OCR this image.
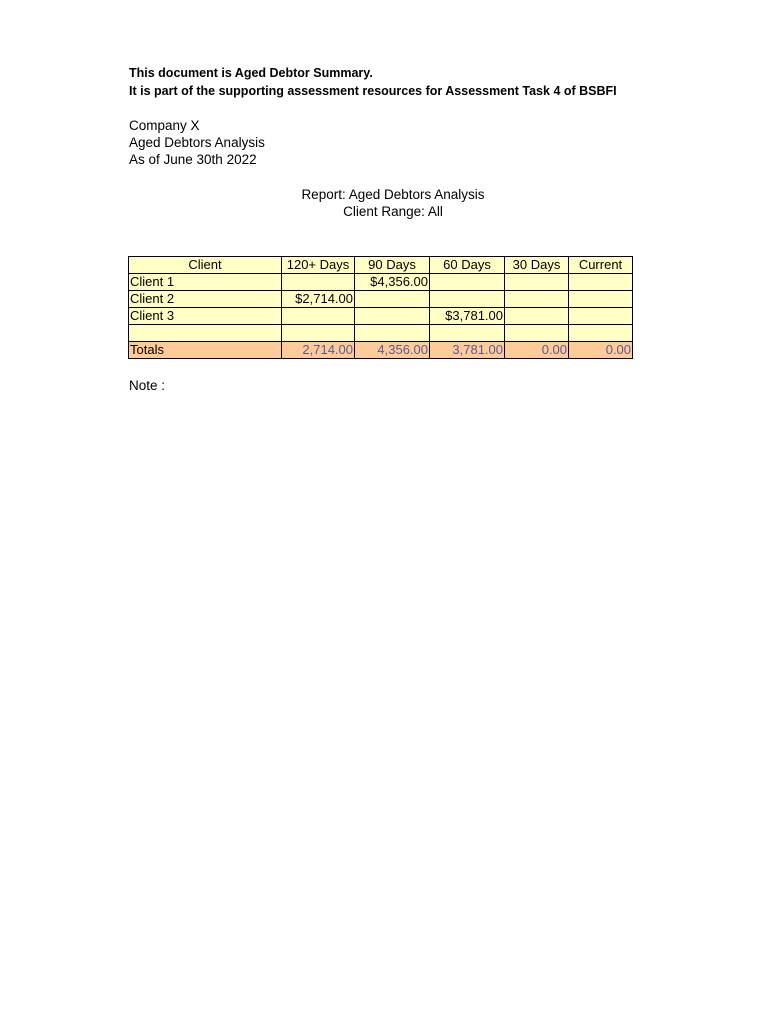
This document is Aged Debtor Summary.
It is part of the supporting assessment resources for Assessment Task 4 of BSBFI
Company X
Aged Debtors Analysis
As of June 30th 2022
Report: Aged Debtors Analysis
Client Range: All
Client	120+ Days	90 Days	60 Days	30 Days	Current
Client 1		$4,356.00			
Client 2	$2,714.00				
Client 3			$3,781.00		

Totals	2,714.00	4,356.00	3,781.00	0.00	0.00
Note :
